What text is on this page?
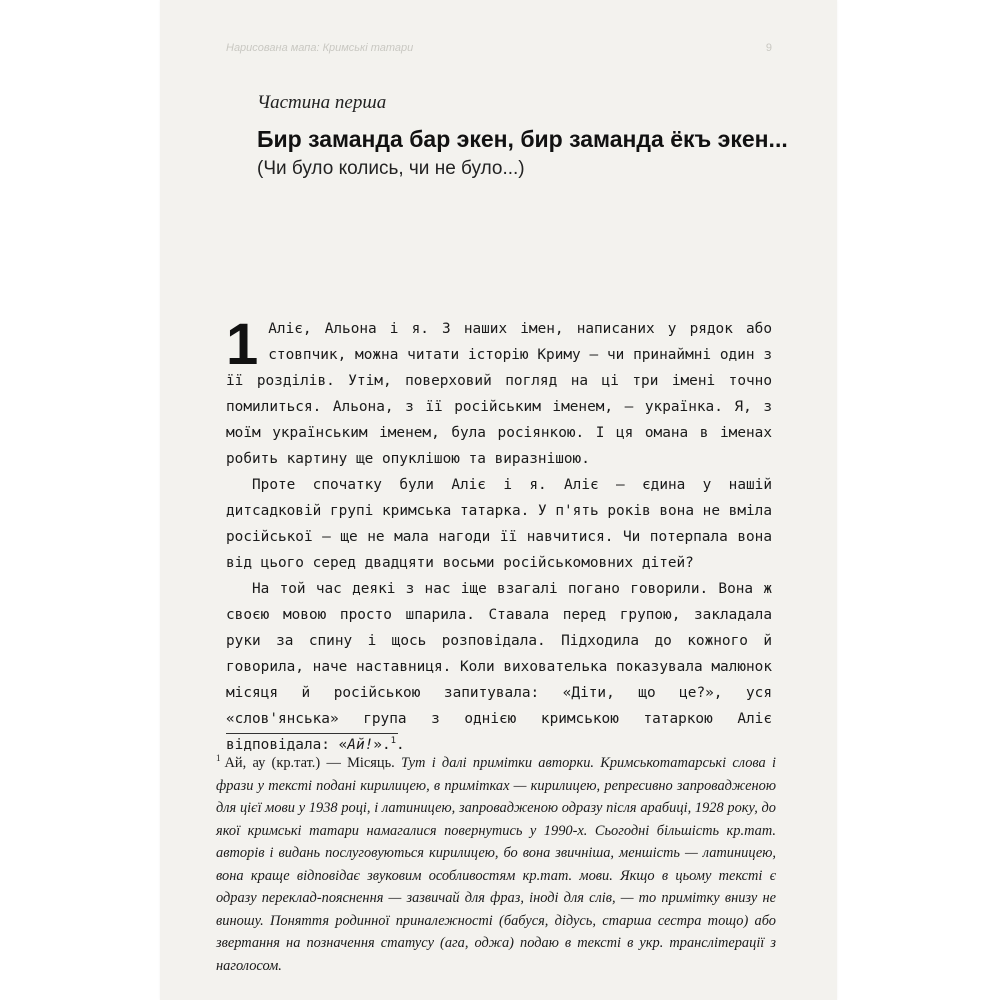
Нарисована мапа: Кримські татари	9
Частина перша
Бир заманда бар экен, бир заманда ёкъ экен...
(Чи було колись, чи не було...)

1 Аліє, Альона і я. З наших імен, написаних у рядок або стовпчик, можна читати історію Криму — чи принаймні один з її розділів. Утім, поверховий погляд на ці три імені точно помилиться. Альона, з її російським іменем, — українка. Я, з моїм українським іменем, була росіянкою. І ця омана в іменах робить картину ще опуклішою та виразнішою.

Проте спочатку були Аліє і я. Аліє — єдина у нашій дитсадковій групі кримська татарка. У п'ять років вона не вміла російської — ще не мала нагоди її навчитися. Чи потерпала вона від цього серед двадцяти восьми російськомовних дітей?

На той час деякі з нас іще взагалі погано говорили. Вона ж своєю мовою просто шпарила. Ставала перед групою, закладала руки за спину і щось розповідала. Підходила до кожного й говорила, наче наставниця. Коли вихователька показувала малюнок місяця й російською запитувала: «Діти, що це?», уся «слов'янська» група з однією кримською татаркою Аліє відповідала: «Ай!».$^1$.

$^1$ Ай, ау (кр.тат.) — Місяць. Тут і далі примітки авторки. Кримськотатарські слова і фрази у тексті подані кирилицею, в примітках — кирилицею, репресивно запровадженою для цієї мови у 1938 році, і латиницею, запровадженою одразу після арабиці, 1928 року, до якої кримські татари намагалися повернутись у 1990-х. Сьогодні більшість кр.тат. авторів і видань послуговуються кирилицею, бо вона звичніша, меншість — латиницею, вона краще відповідає звуковим особливостям кр.тат. мови. Якщо в цьому тексті є одразу переклад-пояснення — зазвичай для фраз, іноді для слів, — то примітку внизу не виношу. Поняття родинної приналежності (бабуся, дідусь, старша сестра тощо) або звертання на позначення статусу (ага, оджа) подаю в тексті в укр. транслітерації з наголосом.
